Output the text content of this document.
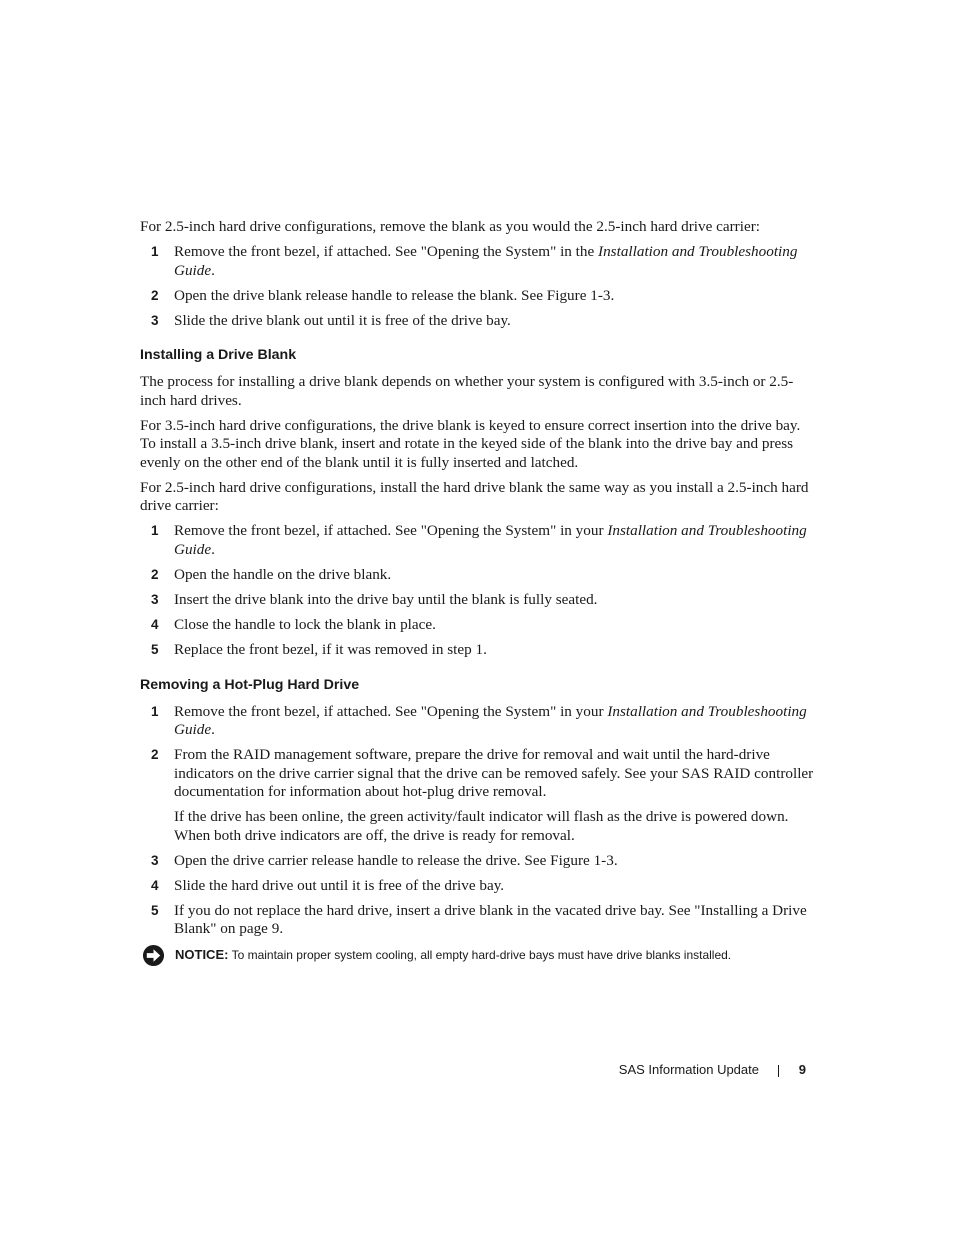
For 2.5-inch hard drive configurations, remove the blank as you would the 2.5-inch hard drive carrier:

1 Remove the front bezel, if attached. See "Opening the System" in the Installation and Troubleshooting Guide.
2 Open the drive blank release handle to release the blank. See Figure 1-3.
3 Slide the drive blank out until it is free of the drive bay.
Installing a Drive Blank

The process for installing a drive blank depends on whether your system is configured with 3.5-inch or 2.5-inch hard drives.

For 3.5-inch hard drive configurations, the drive blank is keyed to ensure correct insertion into the drive bay. To install a 3.5-inch drive blank, insert and rotate in the keyed side of the blank into the drive bay and press evenly on the other end of the blank until it is fully inserted and latched.

For 2.5-inch hard drive configurations, install the hard drive blank the same way as you install a 2.5-inch hard drive carrier:

1 Remove the front bezel, if attached. See "Opening the System" in your Installation and Troubleshooting Guide.
2 Open the handle on the drive blank.
3 Insert the drive blank into the drive bay until the blank is fully seated.
4 Close the handle to lock the blank in place.
5 Replace the front bezel, if it was removed in step 1.
Removing a Hot-Plug Hard Drive
1 Remove the front bezel, if attached. See "Opening the System" in your Installation and Troubleshooting Guide.
2 From the RAID management software, prepare the drive for removal and wait until the hard-drive indicators on the drive carrier signal that the drive can be removed safely. See your SAS RAID controller documentation for information about hot-plug drive removal.

If the drive has been online, the green activity/fault indicator will flash as the drive is powered down. When both drive indicators are off, the drive is ready for removal.

3 Open the drive carrier release handle to release the drive. See Figure 1-3.
4 Slide the hard drive out until it is free of the drive bay.
5 If you do not replace the hard drive, insert a drive blank in the vacated drive bay. See "Installing a Drive Blank" on page 9.
NOTICE: To maintain proper system cooling, all empty hard-drive bays must have drive blanks installed.
SAS Information Update	9
